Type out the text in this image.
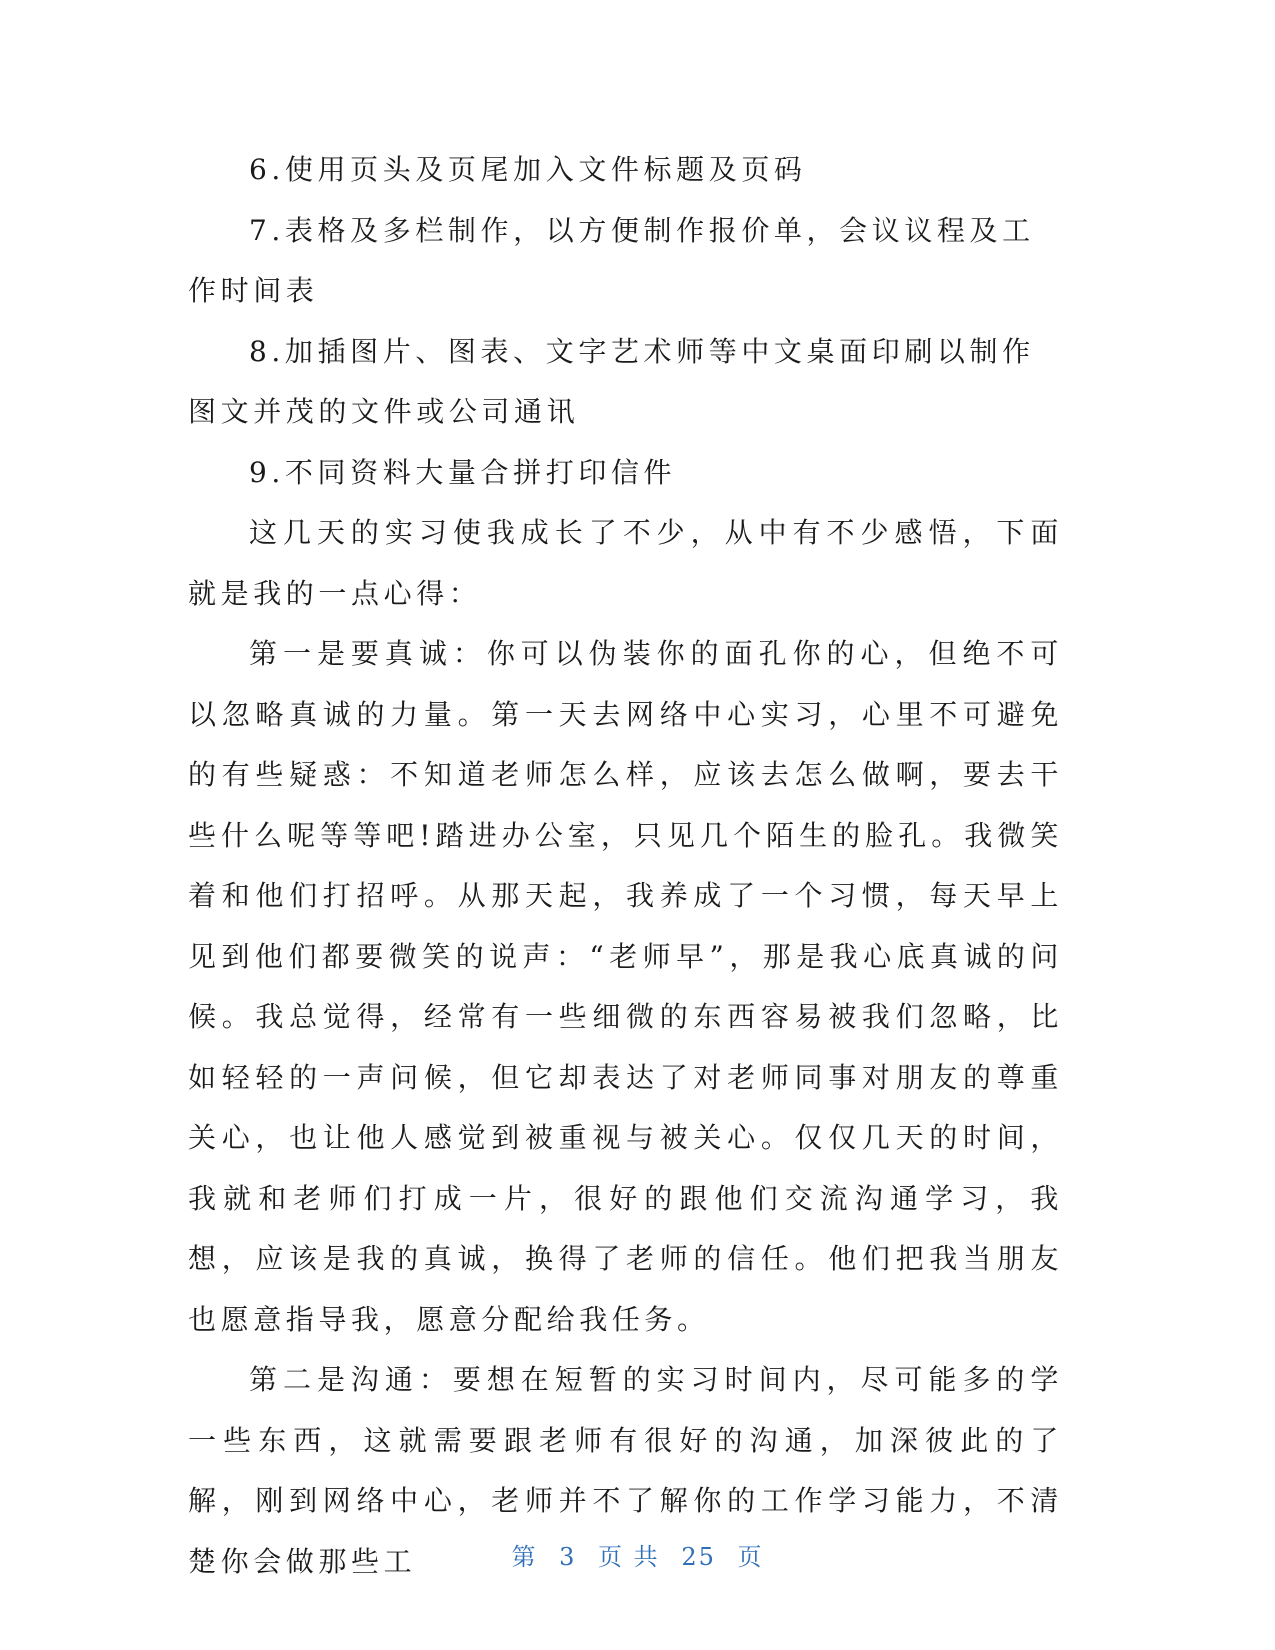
6.使用页头及页尾加入文件标题及页码

7.表格及多栏制作，以方便制作报价单，会议议程及工作时间表

8.加插图片、图表、文字艺术师等中文桌面印刷以制作图文并茂的文件或公司通讯

9.不同资料大量合拼打印信件

这几天的实习使我成长了不少，从中有不少感悟，下面就是我的一点心得：

第一是要真诚：你可以伪装你的面孔你的心，但绝不可以忽略真诚的力量。第一天去网络中心实习，心里不可避免的有些疑惑：不知道老师怎么样，应该去怎么做啊，要去干些什么呢等等吧!踏进办公室，只见几个陌生的脸孔。我微笑着和他们打招呼。从那天起，我养成了一个习惯，每天早上见到他们都要微笑的说声：“老师早”，那是我心底真诚的问候。我总觉得，经常有一些细微的东西容易被我们忽略，比如轻轻的一声问候，但它却表达了对老师同事对朋友的尊重关心，也让他人感觉到被重视与被关心。仅仅几天的时间，我就和老师们打成一片，很好的跟他们交流沟通学习，我想，应该是我的真诚，换得了老师的信任。他们把我当朋友也愿意指导我，愿意分配给我任务。

第二是沟通：要想在短暂的实习时间内，尽可能多的学一些东西，这就需要跟老师有很好的沟通，加深彼此的了解，刚到网络中心，老师并不了解你的工作学习能力，不清楚你会做那些工	第 3 页 共 25 页
